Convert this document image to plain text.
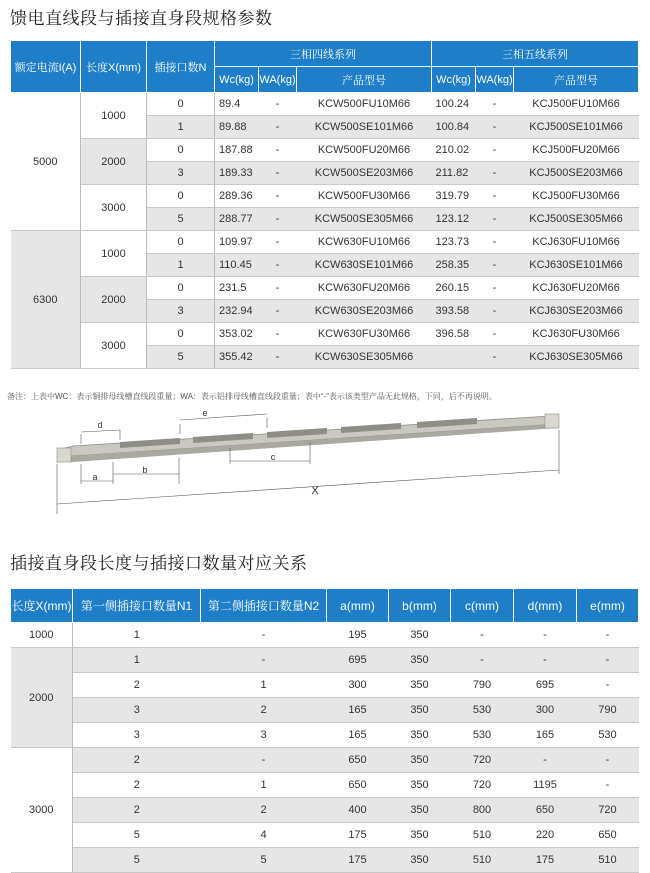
馈电直线段与插接直身段规格参数
额定电流I(A)	长度X(mm)	插接口数N	三相四线系列			三相五线系列		
			Wc(kg)	WA(kg)	产品型号	Wc(kg)	WA(kg)	产品型号
5000	1000	0	89.4	-	KCW500FU10M66	100.24	-	KCJ500FU10M66
		1	89.88	-	KCW500SE101M66	100.84	-	KCJ500SE101M66
	2000	0	187.88	-	KCW500FU20M66	210.02	-	KCJ500FU20M66
		3	189.33	-	KCW500SE203M66	211.82	-	KCJ500SE203M66
	3000	0	289.36	-	KCW500FU30M66	319.79	-	KCJ500FU30M66
		5	288.77	-	KCW500SE305M66	123.12	-	KCJ500SE305M66
6300	1000	0	109.97	-	KCW630FU10M66	123.73	-	KCJ630FU10M66
		1	110.45	-	KCW630SE101M66	258.35	-	KCJ630SE101M66
	2000	0	231.5	-	KCW630FU20M66	260.15	-	KCJ630FU20M66
		3	232.94	-	KCW630SE203M66	393.58	-	KCJ630SE203M66
	3000	0	353.02	-	KCW630FU30M66	396.58	-	KCJ630FU30M66
		5	355.42	-	KCW630SE305M66		-	KCJ630SE305M66
备注：上表中WC：表示铜排母线槽直线段重量；WA：表示铝排母线槽直线段重量；表中“-”表示该类型产品无此规格，下同，后不再说明。
d
e
a
b
c
X
插接直身段长度与插接口数量对应关系
长度X(mm)	第一侧插接口数量N1	第二侧插接口数量N2	a(mm)	b(mm)	c(mm)	d(mm)	e(mm)
1000	1	-	195	350	-	-	-
2000	1	-	695	350	-	-	-
	2	1	300	350	790	695	-
	3	2	165	350	530	300	790
	3	3	165	350	530	165	530
3000	2	-	650	350	720	-	-
	2	1	650	350	720	1195	-
	2	2	400	350	800	650	720
	5	4	175	350	510	220	650
	5	5	175	350	510	175	510
